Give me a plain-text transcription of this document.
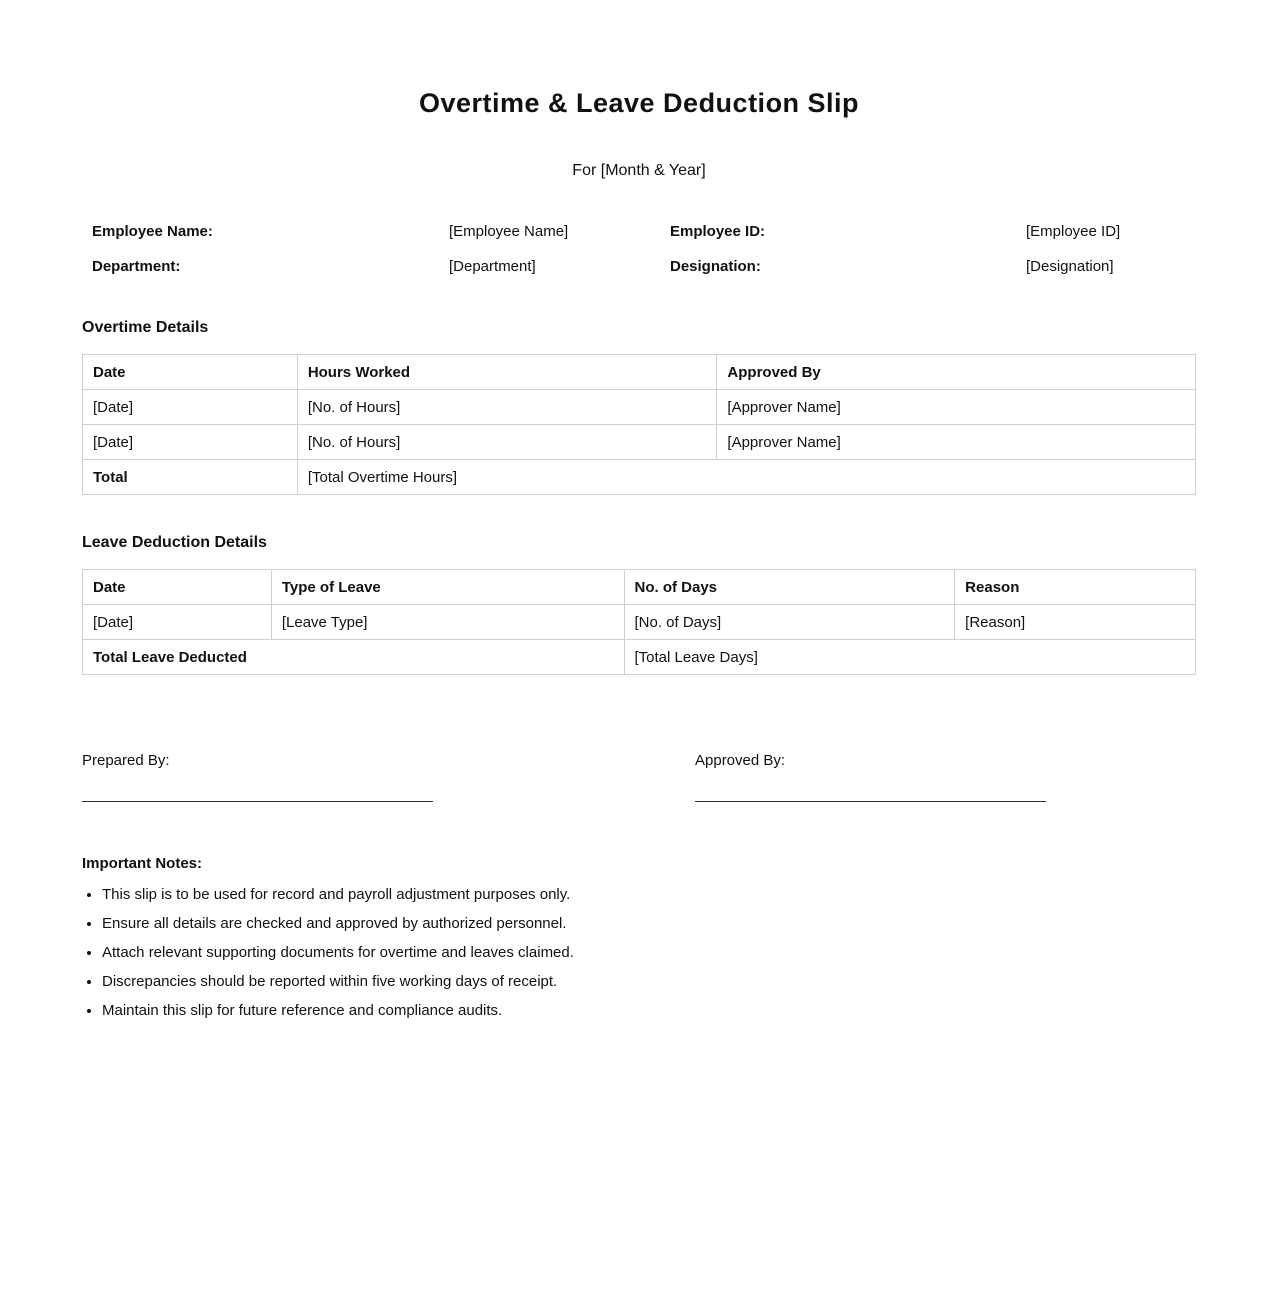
Overtime & Leave Deduction Slip
For [Month & Year]
Employee Name:	[Employee Name]	Employee ID:	[Employee ID]
Department:	[Department]	Designation:	[Designation]
Overtime Details
Date	Hours Worked	Approved By
[Date]	[No. of Hours]	[Approver Name]
[Date]	[No. of Hours]	[Approver Name]
Total	[Total Overtime Hours]	
Leave Deduction Details
Date	Type of Leave	No. of Days	Reason
[Date]	[Leave Type]	[No. of Days]	[Reason]
Total Leave Deducted		[Total Leave Days]	
Prepared By:	Approved By:
Important Notes:
• This slip is to be used for record and payroll adjustment purposes only.
• Ensure all details are checked and approved by authorized personnel.
• Attach relevant supporting documents for overtime and leaves claimed.
• Discrepancies should be reported within five working days of receipt.
• Maintain this slip for future reference and compliance audits.
